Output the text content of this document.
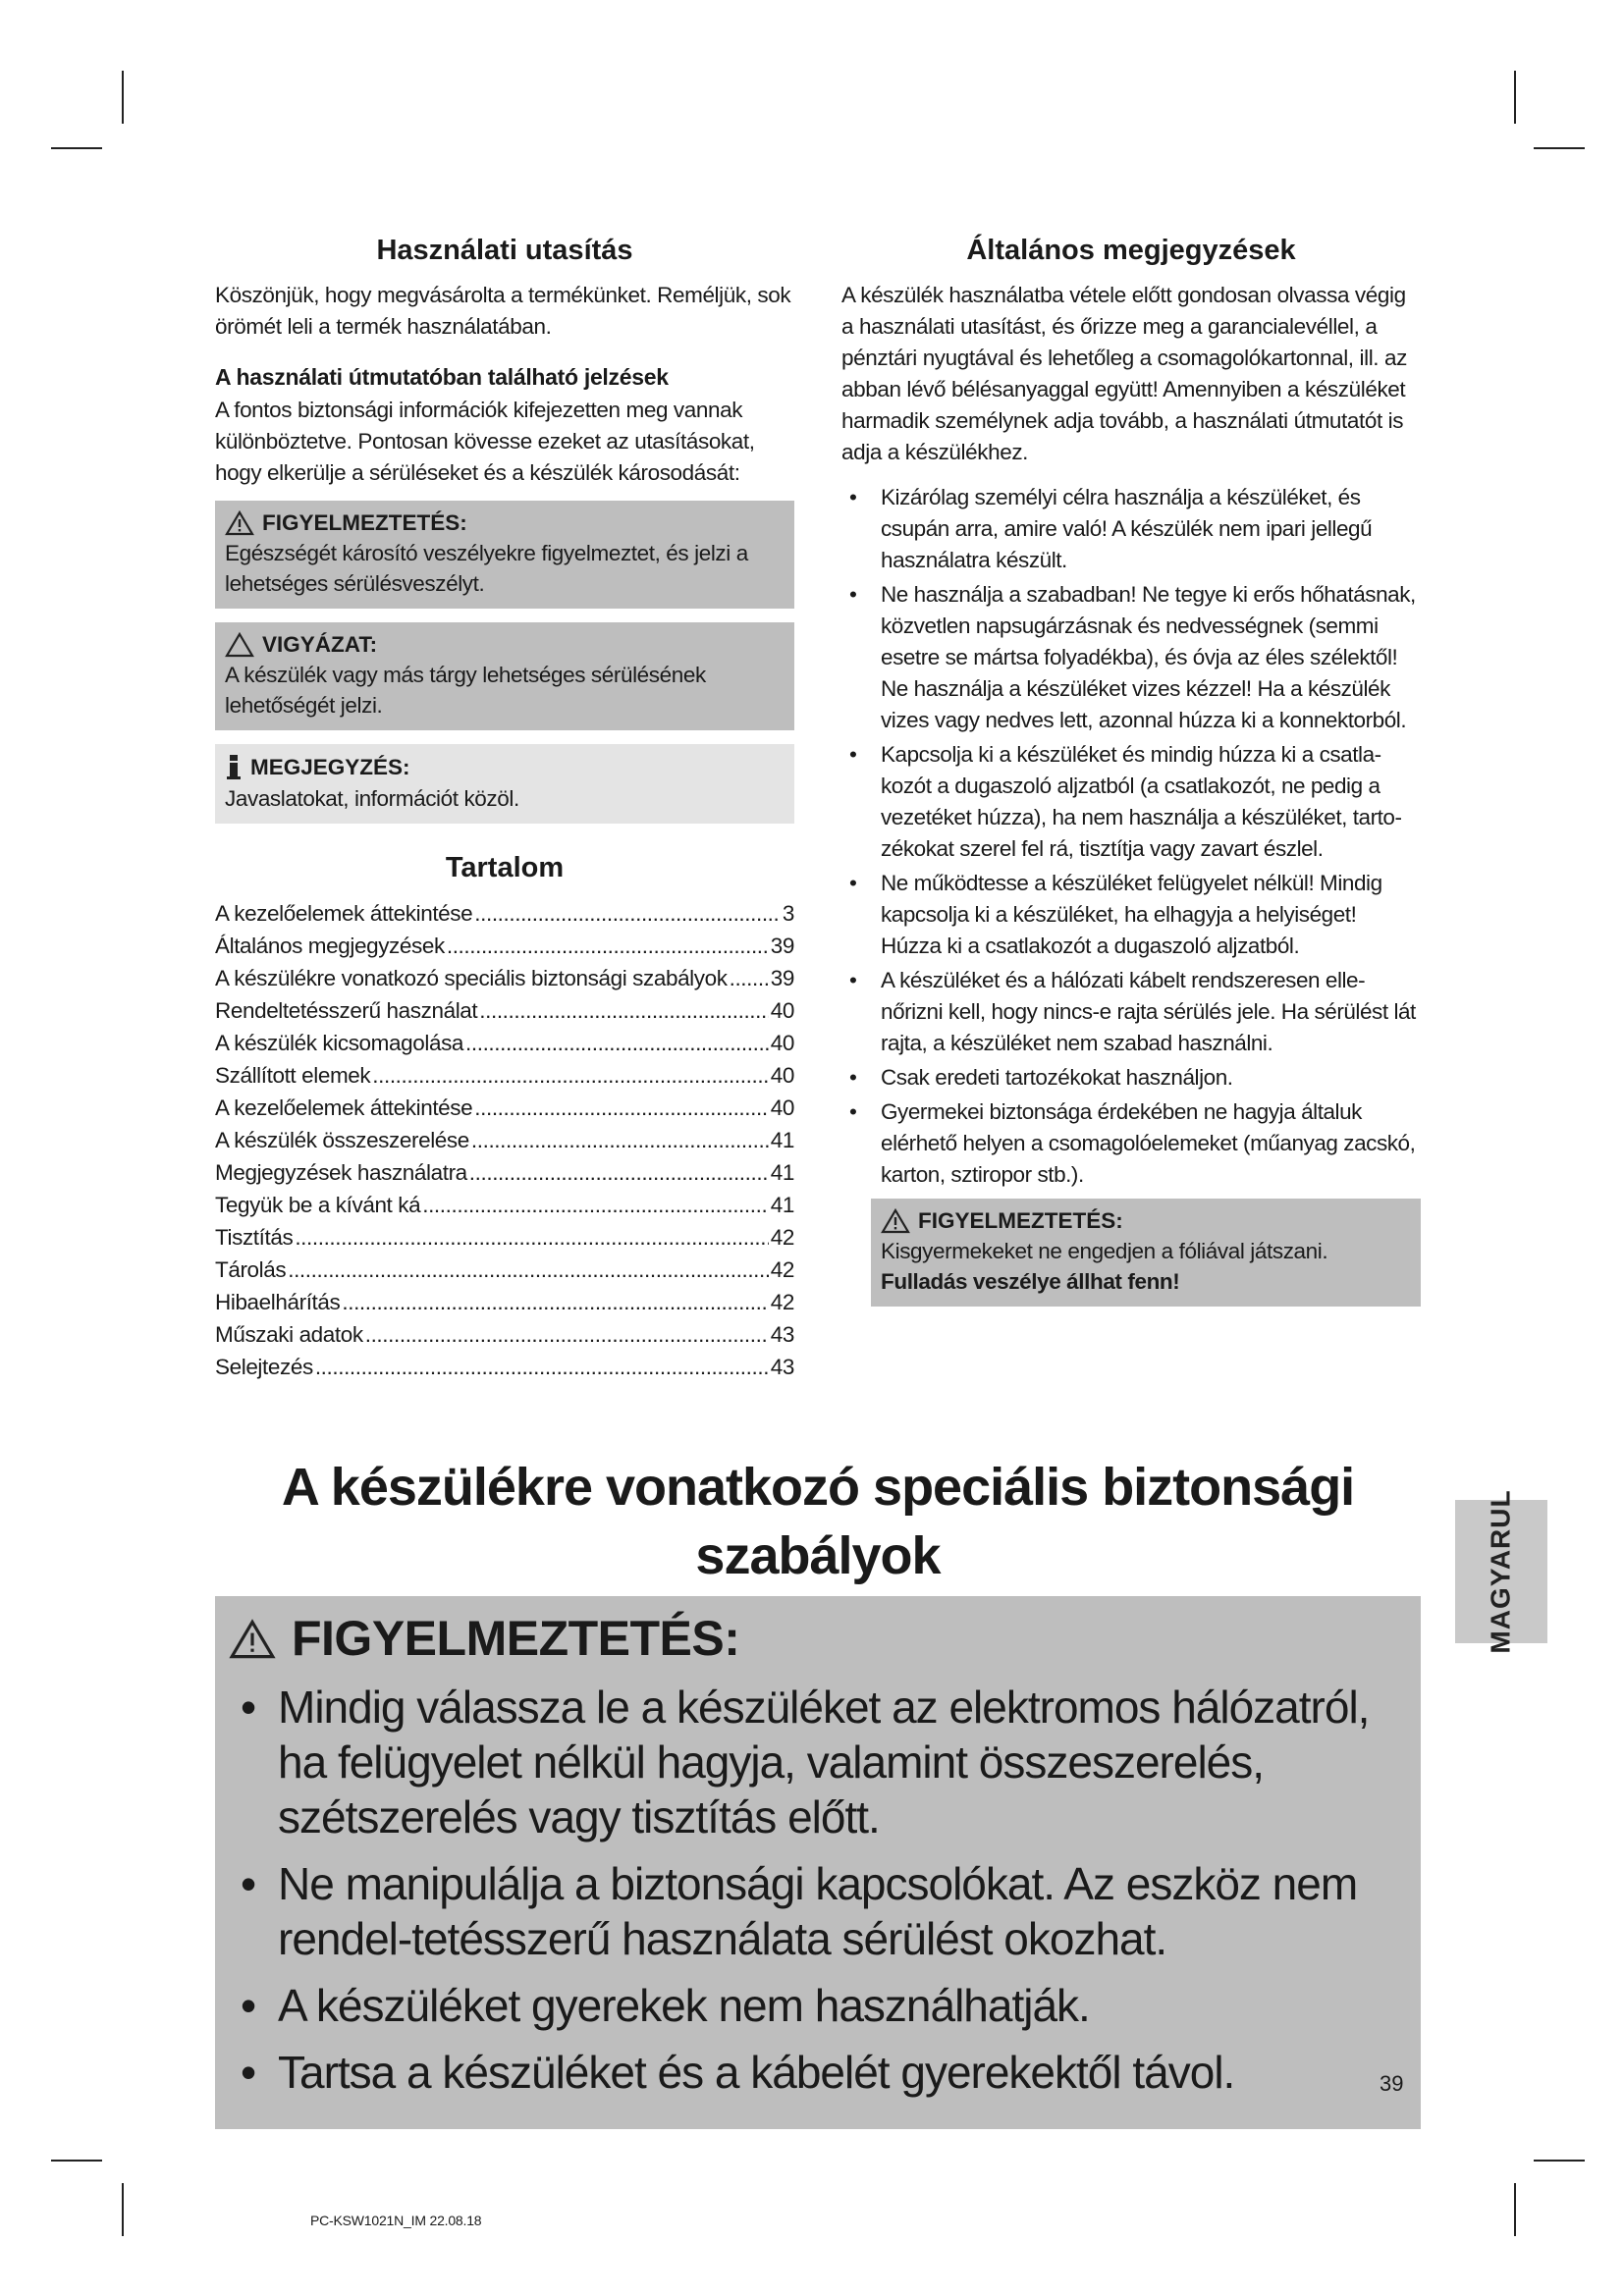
Használati utasítás

Köszönjük, hogy megvásárolta a termékünket. Reméljük, sok örömét leli a termék használatában.

A használati útmutatóban található jelzések

A fontos biztonsági információk kifejezetten meg vannak különböztetve. Pontosan kövesse ezeket az utasításokat, hogy elkerülje a sérüléseket és a készülék károsodását:

FIGYELMEZTETÉS:
Egészségét károsító veszélyekre figyelmeztet, és jelzi a lehetséges sérülésveszélyt.
VIGYÁZAT:
A készülék vagy más tárgy lehetséges sérülésének lehetőségét jelzi.
MEGJEGYZÉS:
Javaslatokat, információt közöl.
Tartalom
A kezelőelemek áttekintése .....	3
Általános megjegyzések .....	39
A készülékre vonatkozó speciális biztonsági szabályok ..... 39
Rendeltetésszerű használat .....	40
A készülék kicsomagolása .....	40
Szállított elemek .....	40
A kezelőelemek áttekintése .....	40
A készülék összeszerelése .....	41
Megjegyzések használatra .....	41
Tegyük be a kívánt ká .....	41
Tisztítás .....	42
Tárolás .....	42
Hibaelhárítás .....	42
Műszaki adatok .....	43
Selejtezés .....	43
Általános megjegyzések

A készülék használatba vétele előtt gondosan olvassa végig a használati utasítást, és őrizze meg a garancialevéllel, a pénztári nyugtával és lehetőleg a csomagolókartonnal, ill. az abban lévő bélésanyaggal együtt! Amennyiben a készüléket harmadik személynek adja tovább, a használati útmutatót is adja a készülékhez.

• Kizárólag személyi célra használja a készüléket, és csupán arra, amire való! A készülék nem ipari jellegű használatra készült.
• Ne használja a szabadban! Ne tegye ki erős hőhatásnak, közvetlen napsugárzásnak és nedvességnek (semmi esetre se mártsa folyadékba), és óvja az éles szélektől! Ne használja a készüléket vizes kézzel! Ha a készülék vizes vagy nedves lett, azonnal húzza ki a konnektorból.
• Kapcsolja ki a készüléket és mindig húzza ki a csatla-kozót a dugaszoló aljzatból (a csatlakozót, ne pedig a vezetéket húzza), ha nem használja a készüléket, tarto-zékokat szerel fel rá, tisztítja vagy zavart észlel.
• Ne működtesse a készüléket felügyelet nélkül! Mindig kapcsolja ki a készüléket, ha elhagyja a helyiséget! Húzza ki a csatlakozót a dugaszoló aljzatból.
• A készüléket és a hálózati kábelt rendszeresen elle-nőrizni kell, hogy nincs-e rajta sérülés jele. Ha sérülést lát rajta, a készüléket nem szabad használni.
• Csak eredeti tartozékokat használjon.
• Gyermekei biztonsága érdekében ne hagyja általuk elérhető helyen a csomagolóelemeket (műanyag zacskó, karton, sztiropor stb.).
FIGYELMEZTETÉS:
Kisgyermekeket ne engedjen a fóliával játszani.
Fulladás veszélye állhat fenn!
A készülékre vonatkozó speciális biztonsági szabályok
FIGYELMEZTETÉS:
• Mindig válassza le a készüléket az elektromos hálózatról, ha felügyelet nélkül hagyja, valamint összeszerelés, szétszerelés vagy tisztítás előtt.
• Ne manipulálja a biztonsági kapcsolókat. Az eszköz nem rendel-tetésszerű használata sérülést okozhat.
• A készüléket gyerekek nem használhatják.
• Tartsa a készüléket és a kábelét gyerekektől távol.
MAGYARUL
39
PC-KSW1021N_IM 22.08.18
